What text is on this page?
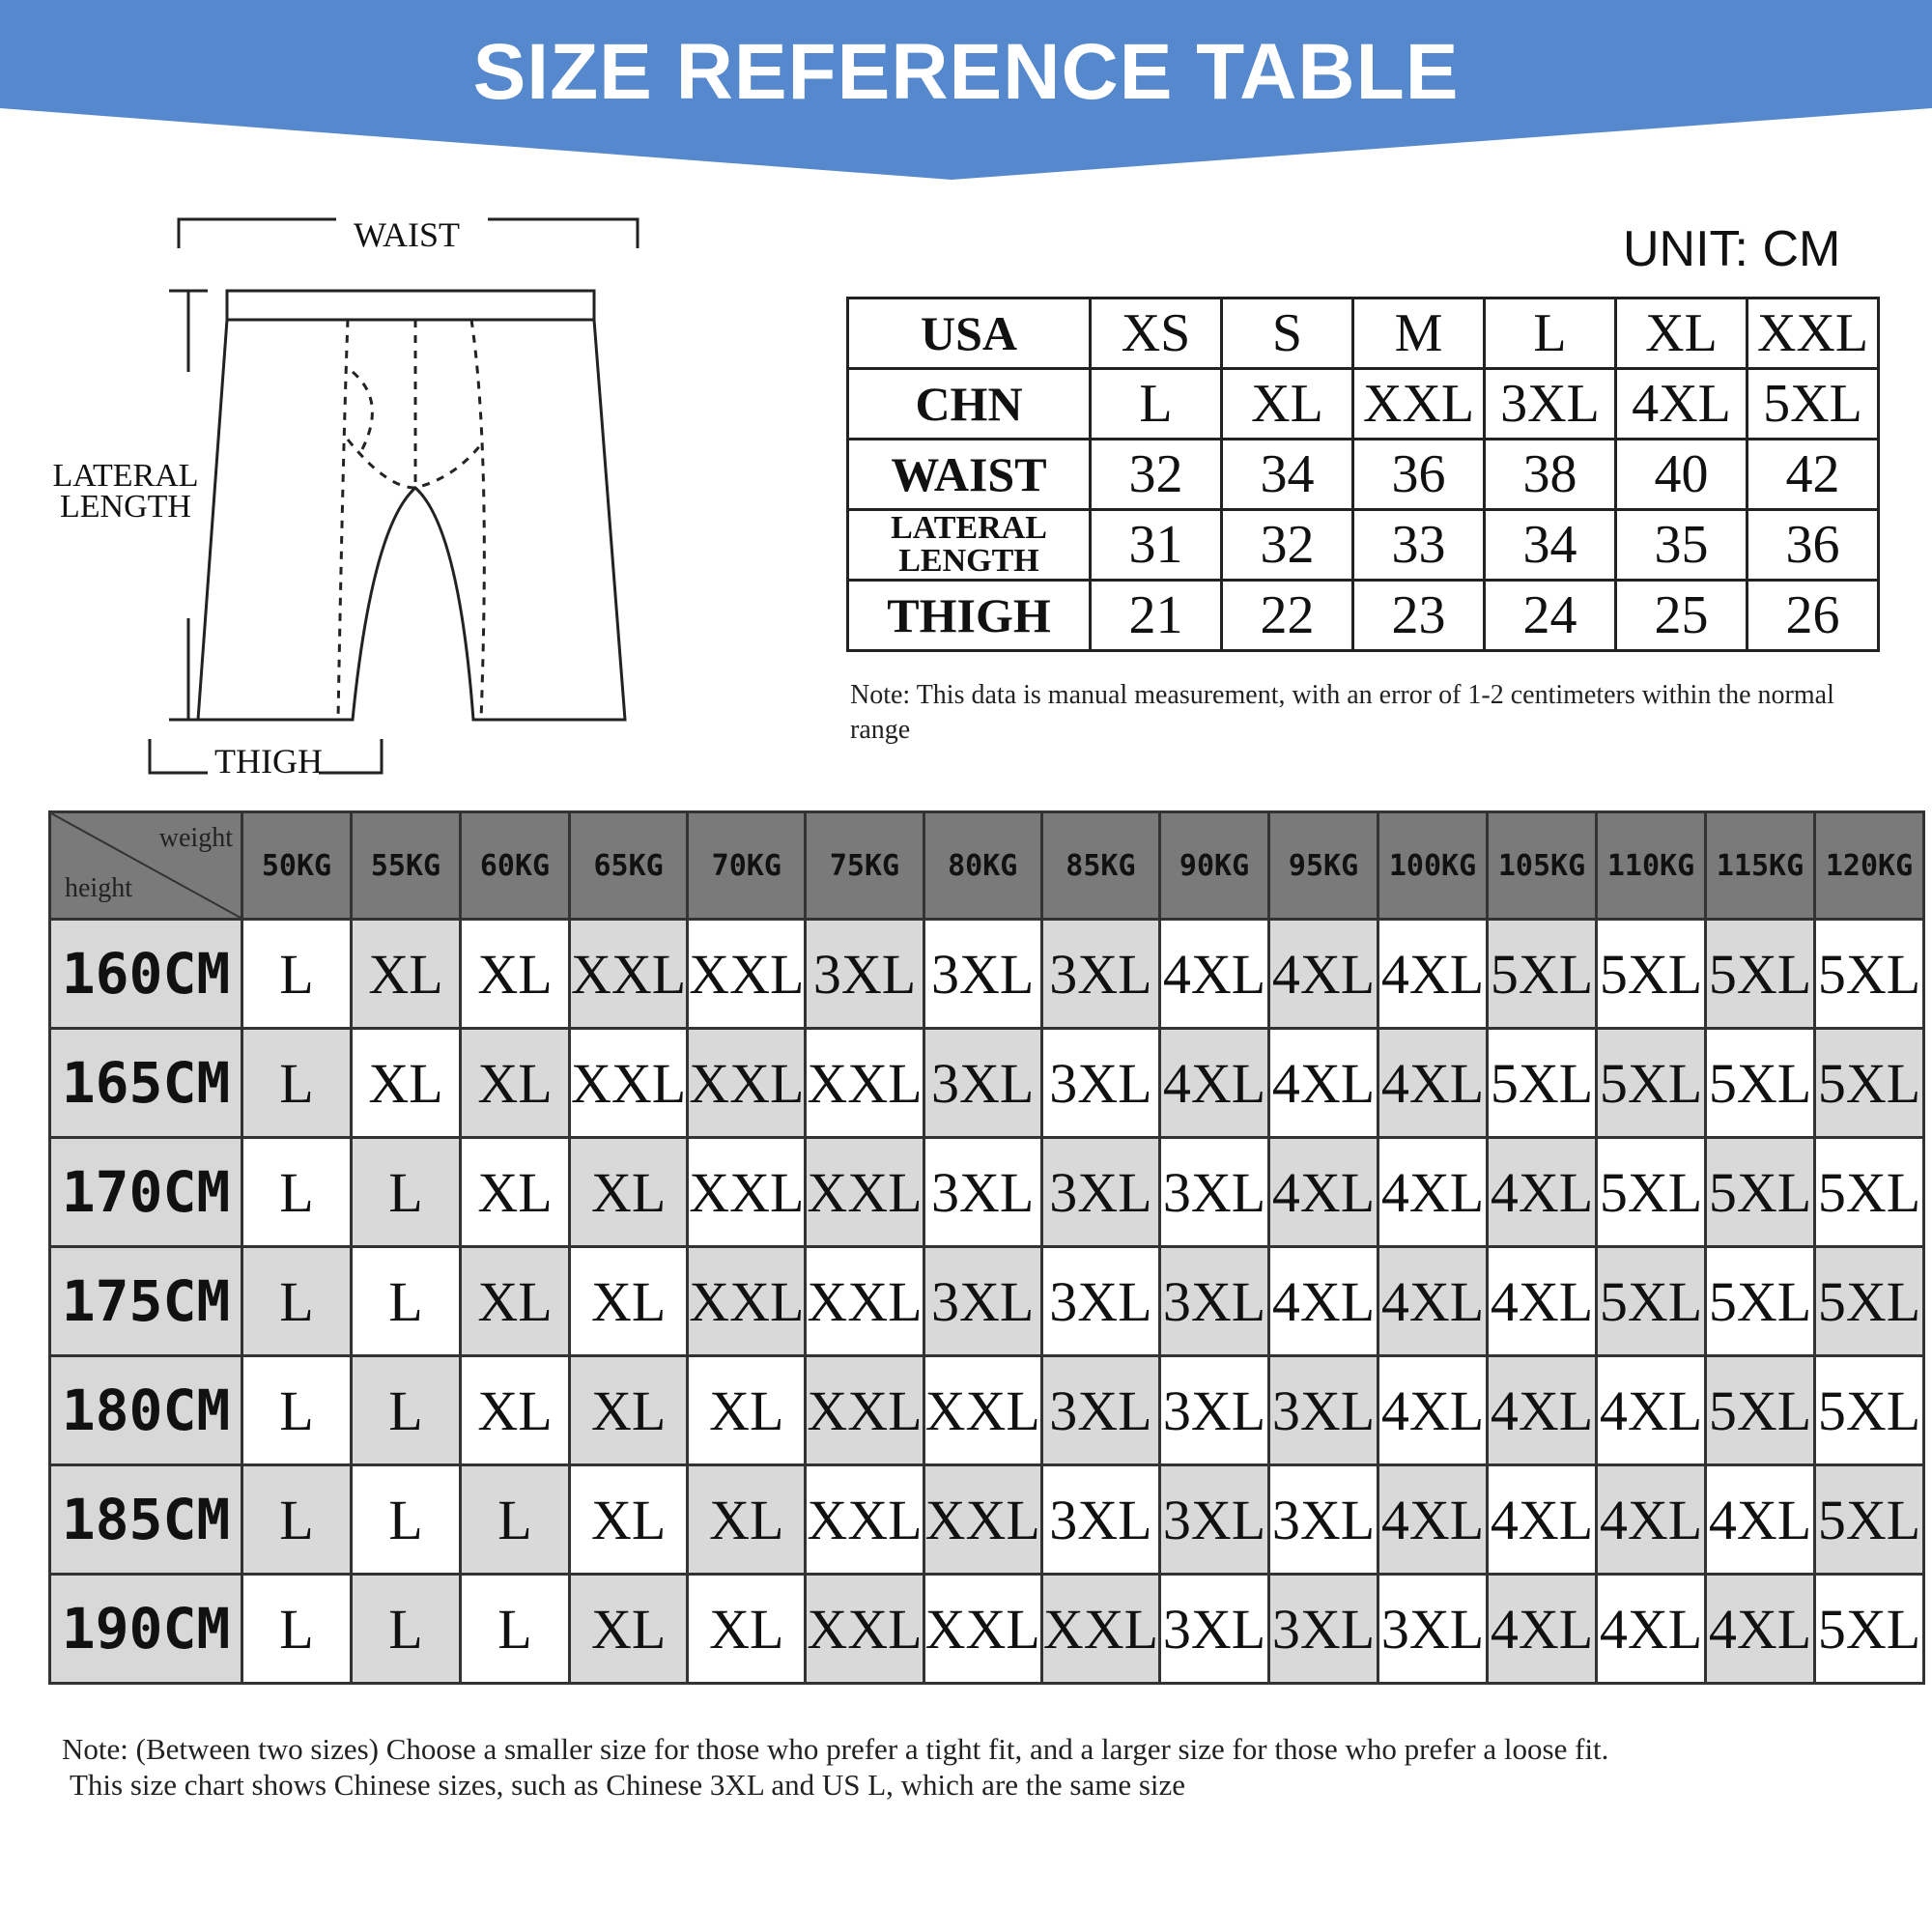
SIZE REFERENCE TABLE
WAIST
LATERAL
LENGTH
THIGH
UNIT: CM
USA	XS	S	M	L	XL	XXL
CHN	L	XL	XXL	3XL	4XL	5XL
WAIST	32	34	36	38	40	42
LATERAL LENGTH	31	32	33	34	35	36
THIGH	21	22	23	24	25	26
Note: This data is manual measurement, with an error of 1-2 centimeters within the normal range
weight
height	50KG	55KG	60KG	65KG	70KG	75KG	80KG	85KG	90KG	95KG	100KG	105KG	110KG	115KG	120KG
160CM	L	XL	XL	XXL	XXL	3XL	3XL	3XL	4XL	4XL	4XL	5XL	5XL	5XL	5XL
165CM	L	XL	XL	XXL	XXL	XXL	3XL	3XL	4XL	4XL	4XL	5XL	5XL	5XL	5XL
170CM	L	L	XL	XL	XXL	XXL	3XL	3XL	3XL	4XL	4XL	4XL	5XL	5XL	5XL
175CM	L	L	XL	XL	XXL	XXL	3XL	3XL	3XL	4XL	4XL	4XL	5XL	5XL	5XL
180CM	L	L	XL	XL	XL	XXL	XXL	3XL	3XL	3XL	4XL	4XL	4XL	5XL	5XL
185CM	L	L	L	XL	XL	XXL	XXL	3XL	3XL	3XL	4XL	4XL	4XL	4XL	5XL
190CM	L	L	L	XL	XL	XXL	XXL	XXL	3XL	3XL	3XL	4XL	4XL	4XL	5XL
Note: (Between two sizes) Choose a smaller size for those who prefer a tight fit, and a larger size for those who prefer a loose fit.
This size chart shows Chinese sizes, such as Chinese 3XL and US L, which are the same size
